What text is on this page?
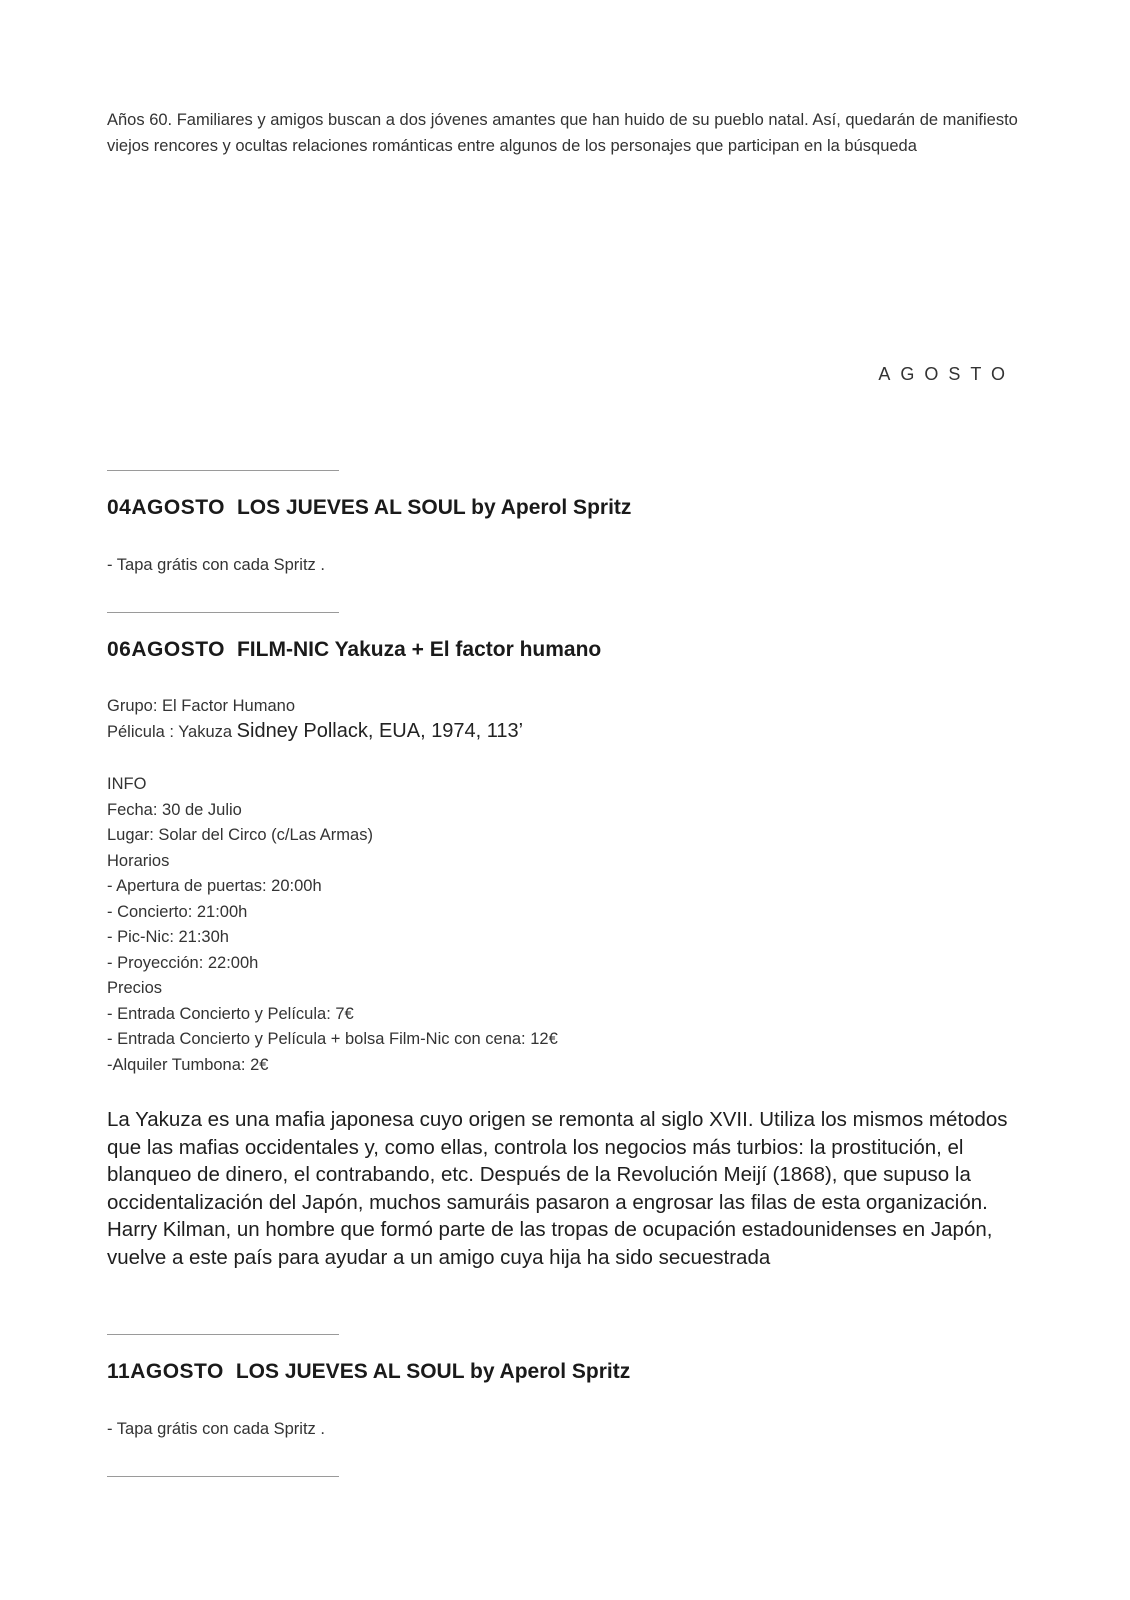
Años 60. Familiares y amigos buscan a dos jóvenes amantes que han huido de su pueblo natal. Así, quedarán de manifiesto viejos rencores y ocultas relaciones románticas entre algunos de los personajes que participan en la búsqueda

AGOSTO
04AGOSTO LOS JUEVES AL SOUL by Aperol Spritz
- Tapa grátis con cada Spritz .
06AGOSTO FILM-NIC Yakuza + El factor humano
Grupo: El Factor Humano
Pélicula : Yakuza Sidney Pollack, EUA, 1974, 113’
INFO
Fecha: 30 de Julio
Lugar: Solar del Circo (c/Las Armas)
Horarios
- Apertura de puertas: 20:00h
- Concierto: 21:00h
- Pic-Nic: 21:30h
- Proyección: 22:00h
Precios
- Entrada Concierto y Película: 7€
- Entrada Concierto y Película + bolsa Film-Nic con cena: 12€
-Alquiler Tumbona: 2€

La Yakuza es una mafia japonesa cuyo origen se remonta al siglo XVII. Utiliza los mismos métodos que las mafias occidentales y, como ellas, controla los negocios más turbios: la prostitución, el blanqueo de dinero, el contrabando, etc. Después de la Revolución Meijí (1868), que supuso la occidentalización del Japón, muchos samuráis pasaron a engrosar las filas de esta organización. Harry Kilman, un hombre que formó parte de las tropas de ocupación estadounidenses en Japón, vuelve a este país para ayudar a un amigo cuya hija ha sido secuestrada

11AGOSTO LOS JUEVES AL SOUL by Aperol Spritz
- Tapa grátis con cada Spritz .
